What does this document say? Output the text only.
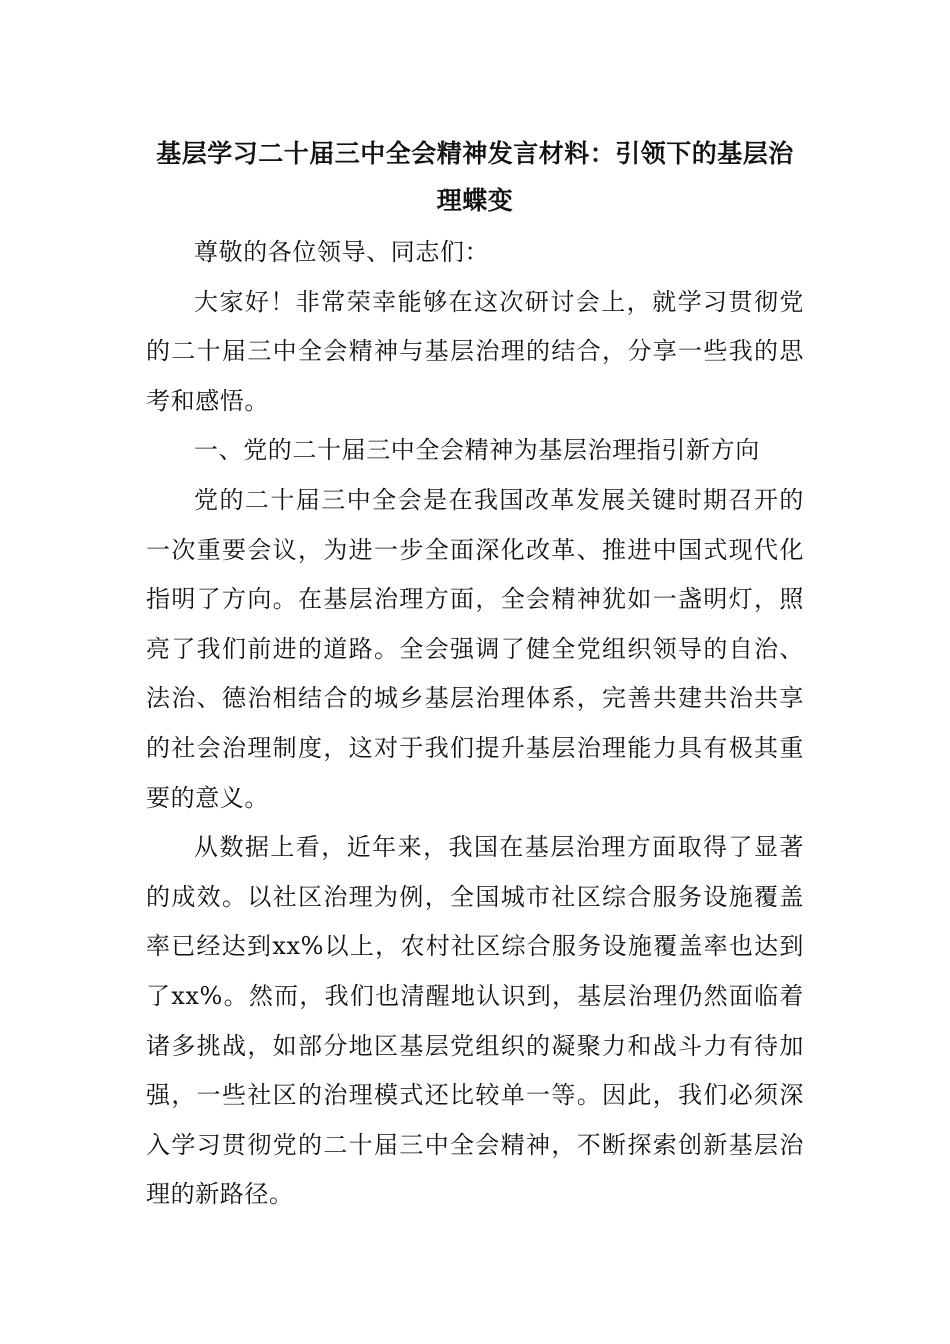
基层学习二十届三中全会精神发言材料：引领下的基层治理蝶变

尊敬的各位领导、同志们：

大家好！非常荣幸能够在这次研讨会上，就学习贯彻党的二十届三中全会精神与基层治理的结合，分享一些我的思考和感悟。

一、党的二十届三中全会精神为基层治理指引新方向

党的二十届三中全会是在我国改革发展关键时期召开的一次重要会议，为进一步全面深化改革、推进中国式现代化指明了方向。在基层治理方面，全会精神犹如一盏明灯，照亮了我们前进的道路。全会强调了健全党组织领导的自治、法治、德治相结合的城乡基层治理体系，完善共建共治共享的社会治理制度，这对于我们提升基层治理能力具有极其重要的意义。

从数据上看，近年来，我国在基层治理方面取得了显著的成效。以社区治理为例，全国城市社区综合服务设施覆盖率已经达到xx%以上，农村社区综合服务设施覆盖率也达到了xx%。然而，我们也清醒地认识到，基层治理仍然面临着诸多挑战，如部分地区基层党组织的凝聚力和战斗力有待加强，一些社区的治理模式还比较单一等。因此，我们必须深入学习贯彻党的二十届三中全会精神，不断探索创新基层治理的新路径。
